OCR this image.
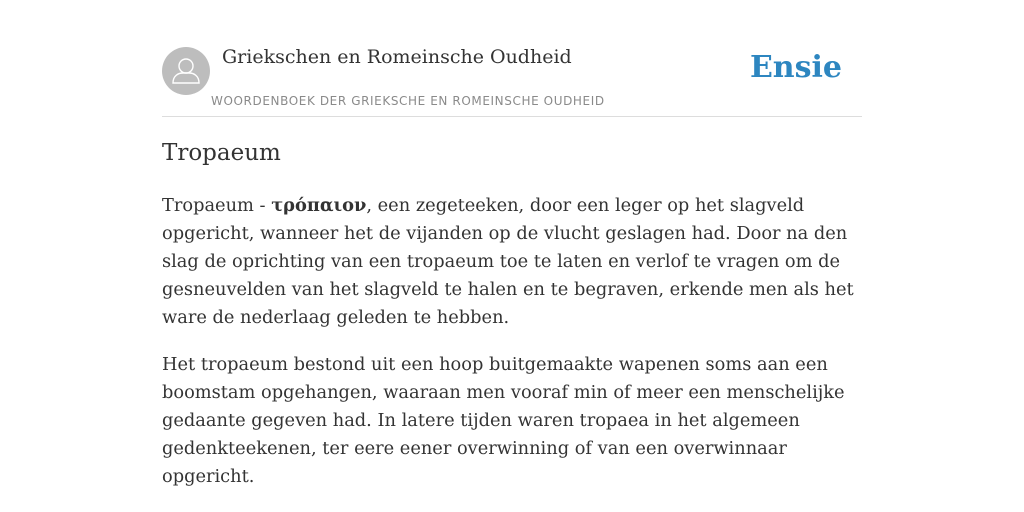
Griekschen en Romeinsche Oudheid
WOORDENBOEK DER GRIEKSCHE EN ROMEINSCHE OUDHEID
Ensie
Tropaeum

Tropaeum - τρόπαιον, een zegeteeken, door een leger op het slagveld opgericht, wanneer het de vijanden op de vlucht geslagen had. Door na den slag de oprichting van een tropaeum toe te laten en verlof te vragen om de gesneuvelden van het slagveld te halen en te begraven, erkende men als het ware de nederlaag geleden te hebben.

Het tropaeum bestond uit een hoop buitgemaakte wapenen soms aan een boomstam opgehangen, waaraan men vooraf min of meer een menschelijke gedaante gegeven had. In latere tijden waren tropaea in het algemeen gedenkteekenen, ter eere eener overwinning of van een overwinnaar opgericht.
